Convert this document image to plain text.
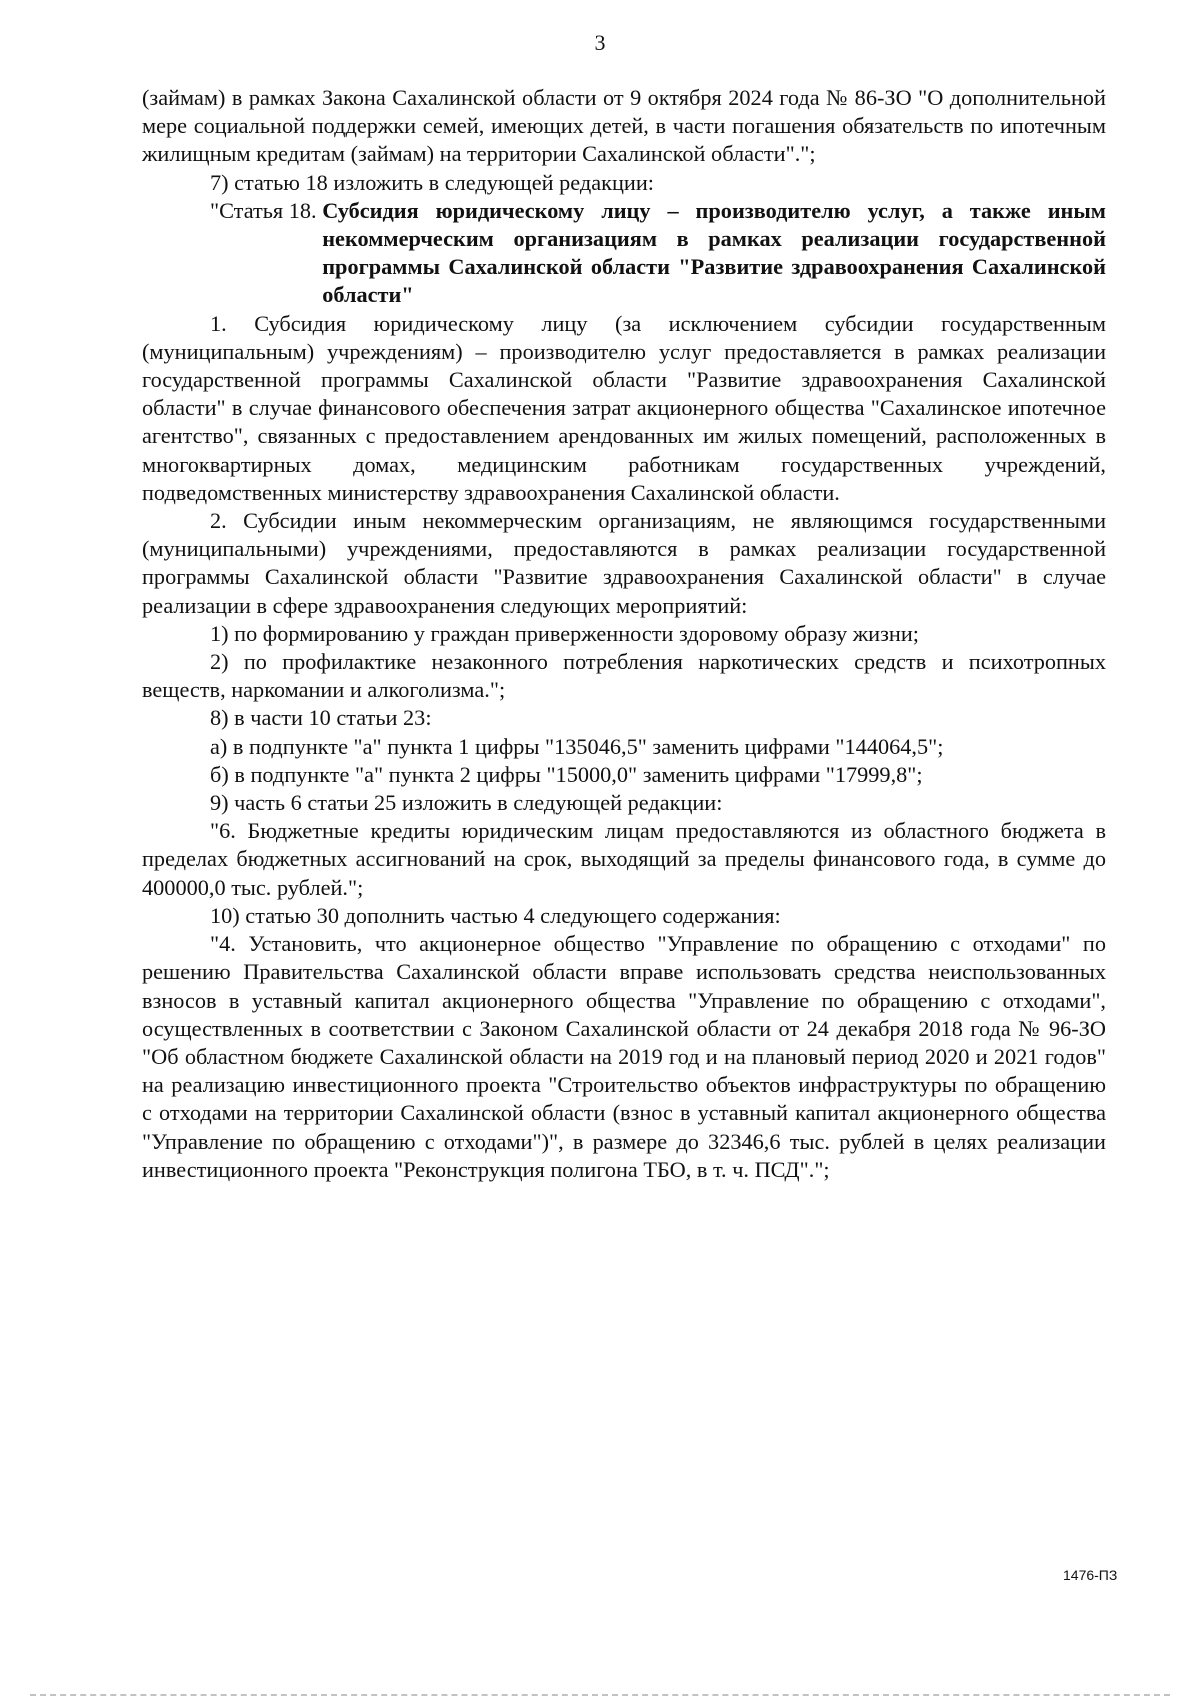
3

(займам) в рамках Закона Сахалинской области от 9 октября 2024 года № 86-ЗО "О дополнительной мере социальной поддержки семей, имеющих детей, в части погашения обязательств по ипотечным жилищным кредитам (займам) на территории Сахалинской области".";

7) статью 18 изложить в следующей редакции:

"Статья 18. Субсидия юридическому лицу – производителю услуг, а также иным некоммерческим организациям в рамках реализации государственной программы Сахалинской области "Развитие здравоохранения Сахалинской области"

1. Субсидия юридическому лицу (за исключением субсидии государственным (муниципальным) учреждениям) – производителю услуг предоставляется в рамках реализации государственной программы Сахалинской области "Развитие здравоохранения Сахалинской области" в случае финансового обеспечения затрат акционерного общества "Сахалинское ипотечное агентство", связанных с предоставлением арендованных им жилых помещений, расположенных в многоквартирных домах, медицинским работникам государственных учреждений, подведомственных министерству здравоохранения Сахалинской области.

2. Субсидии иным некоммерческим организациям, не являющимся государственными (муниципальными) учреждениями, предоставляются в рамках реализации государственной программы Сахалинской области "Развитие здравоохранения Сахалинской области" в случае реализации в сфере здравоохранения следующих мероприятий:

1) по формированию у граждан приверженности здоровому образу жизни;

2) по профилактике незаконного потребления наркотических средств и психотропных веществ, наркомании и алкоголизма.";

8) в части 10 статьи 23:

а) в подпункте "а" пункта 1 цифры "135046,5" заменить цифрами "144064,5";

б) в подпункте "а" пункта 2 цифры "15000,0" заменить цифрами "17999,8";

9) часть 6 статьи 25 изложить в следующей редакции:

"6. Бюджетные кредиты юридическим лицам предоставляются из областного бюджета в пределах бюджетных ассигнований на срок, выходящий за пределы финансового года, в сумме до 400000,0 тыс. рублей.";

10) статью 30 дополнить частью 4 следующего содержания:

"4. Установить, что акционерное общество "Управление по обращению с отходами" по решению Правительства Сахалинской области вправе использовать средства неиспользованных взносов в уставный капитал акционерного общества "Управление по обращению с отходами", осуществленных в соответствии с Законом Сахалинской области от 24 декабря 2018 года № 96-ЗО "Об областном бюджете Сахалинской области на 2019 год и на плановый период 2020 и 2021 годов" на реализацию инвестиционного проекта "Строительство объектов инфраструктуры по обращению с отходами на территории Сахалинской области (взнос в уставный капитал акционерного общества "Управление по обращению с отходами")", в размере до 32346,6 тыс. рублей в целях реализации инвестиционного проекта "Реконструкция полигона ТБО, в т. ч. ПСД".";

1476-ПЗ
